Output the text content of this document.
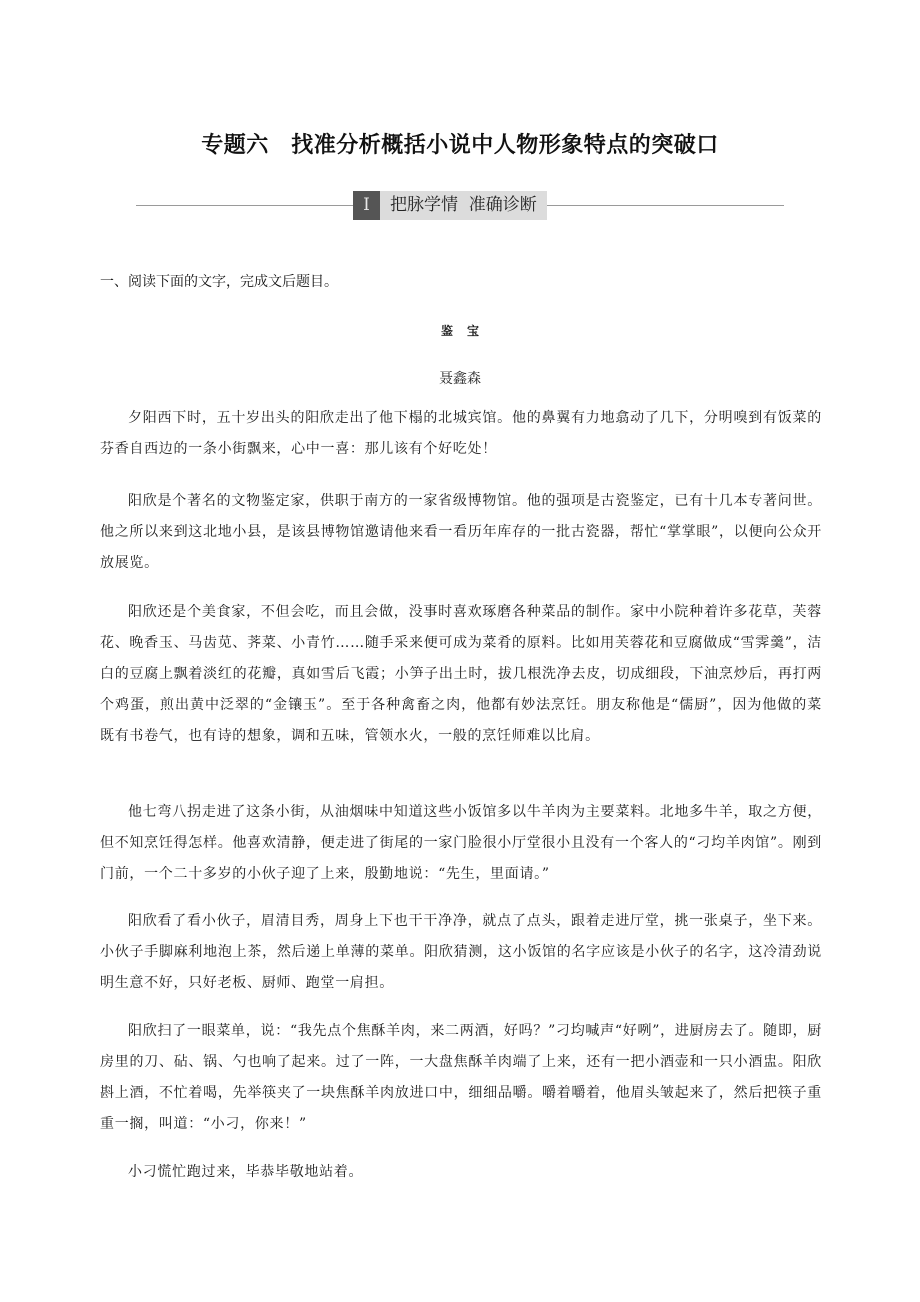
专题六　找准分析概括小说中人物形象特点的突破口
I	把脉学情  准确诊断
一、阅读下面的文字，完成文后题目。
鉴宝
聂鑫森

夕阳西下时，五十岁出头的阳欣走出了他下榻的北城宾馆。他的鼻翼有力地翕动了几下，分明嗅到有饭菜的芬香自西边的一条小街飘来，心中一喜：那儿该有个好吃处！

阳欣是个著名的文物鉴定家，供职于南方的一家省级博物馆。他的强项是古瓷鉴定，已有十几本专著问世。他之所以来到这北地小县，是该县博物馆邀请他来看一看历年库存的一批古瓷器，帮忙“掌掌眼”，以便向公众开放展览。

阳欣还是个美食家，不但会吃，而且会做，没事时喜欢琢磨各种菜品的制作。家中小院种着许多花草，芙蓉花、晚香玉、马齿苋、荠菜、小青竹……随手采来便可成为菜肴的原料。比如用芙蓉花和豆腐做成“雪霁羹”，洁白的豆腐上飘着淡红的花瓣，真如雪后飞霞；小笋子出土时，拔几根洗净去皮，切成细段，下油烹炒后，再打两个鸡蛋，煎出黄中泛翠的“金镶玉”。至于各种禽畜之肉，他都有妙法烹饪。朋友称他是“儒厨”，因为他做的菜既有书卷气，也有诗的想象，调和五味，管领水火，一般的烹饪师难以比肩。

他七弯八拐走进了这条小街，从油烟味中知道这些小饭馆多以牛羊肉为主要菜料。北地多牛羊，取之方便，但不知烹饪得怎样。他喜欢清静，便走进了街尾的一家门脸很小厅堂很小且没有一个客人的“刁均羊肉馆”。刚到门前，一个二十多岁的小伙子迎了上来，殷勤地说：“先生，里面请。”

阳欣看了看小伙子，眉清目秀，周身上下也干干净净，就点了点头，跟着走进厅堂，挑一张桌子，坐下来。小伙子手脚麻利地泡上茶，然后递上单薄的菜单。阳欣猜测，这小饭馆的名字应该是小伙子的名字，这冷清劲说明生意不好，只好老板、厨师、跑堂一肩担。

阳欣扫了一眼菜单，说：“我先点个焦酥羊肉，来二两酒，好吗？”刁均喊声“好咧”，进厨房去了。随即，厨房里的刀、砧、锅、勺也响了起来。过了一阵，一大盘焦酥羊肉端了上来，还有一把小酒壶和一只小酒盅。阳欣斟上酒，不忙着喝，先举筷夹了一块焦酥羊肉放进口中，细细品嚼。嚼着嚼着，他眉头皱起来了，然后把筷子重重一搁，叫道：“小刁，你来！”

小刁慌忙跑过来，毕恭毕敬地站着。
